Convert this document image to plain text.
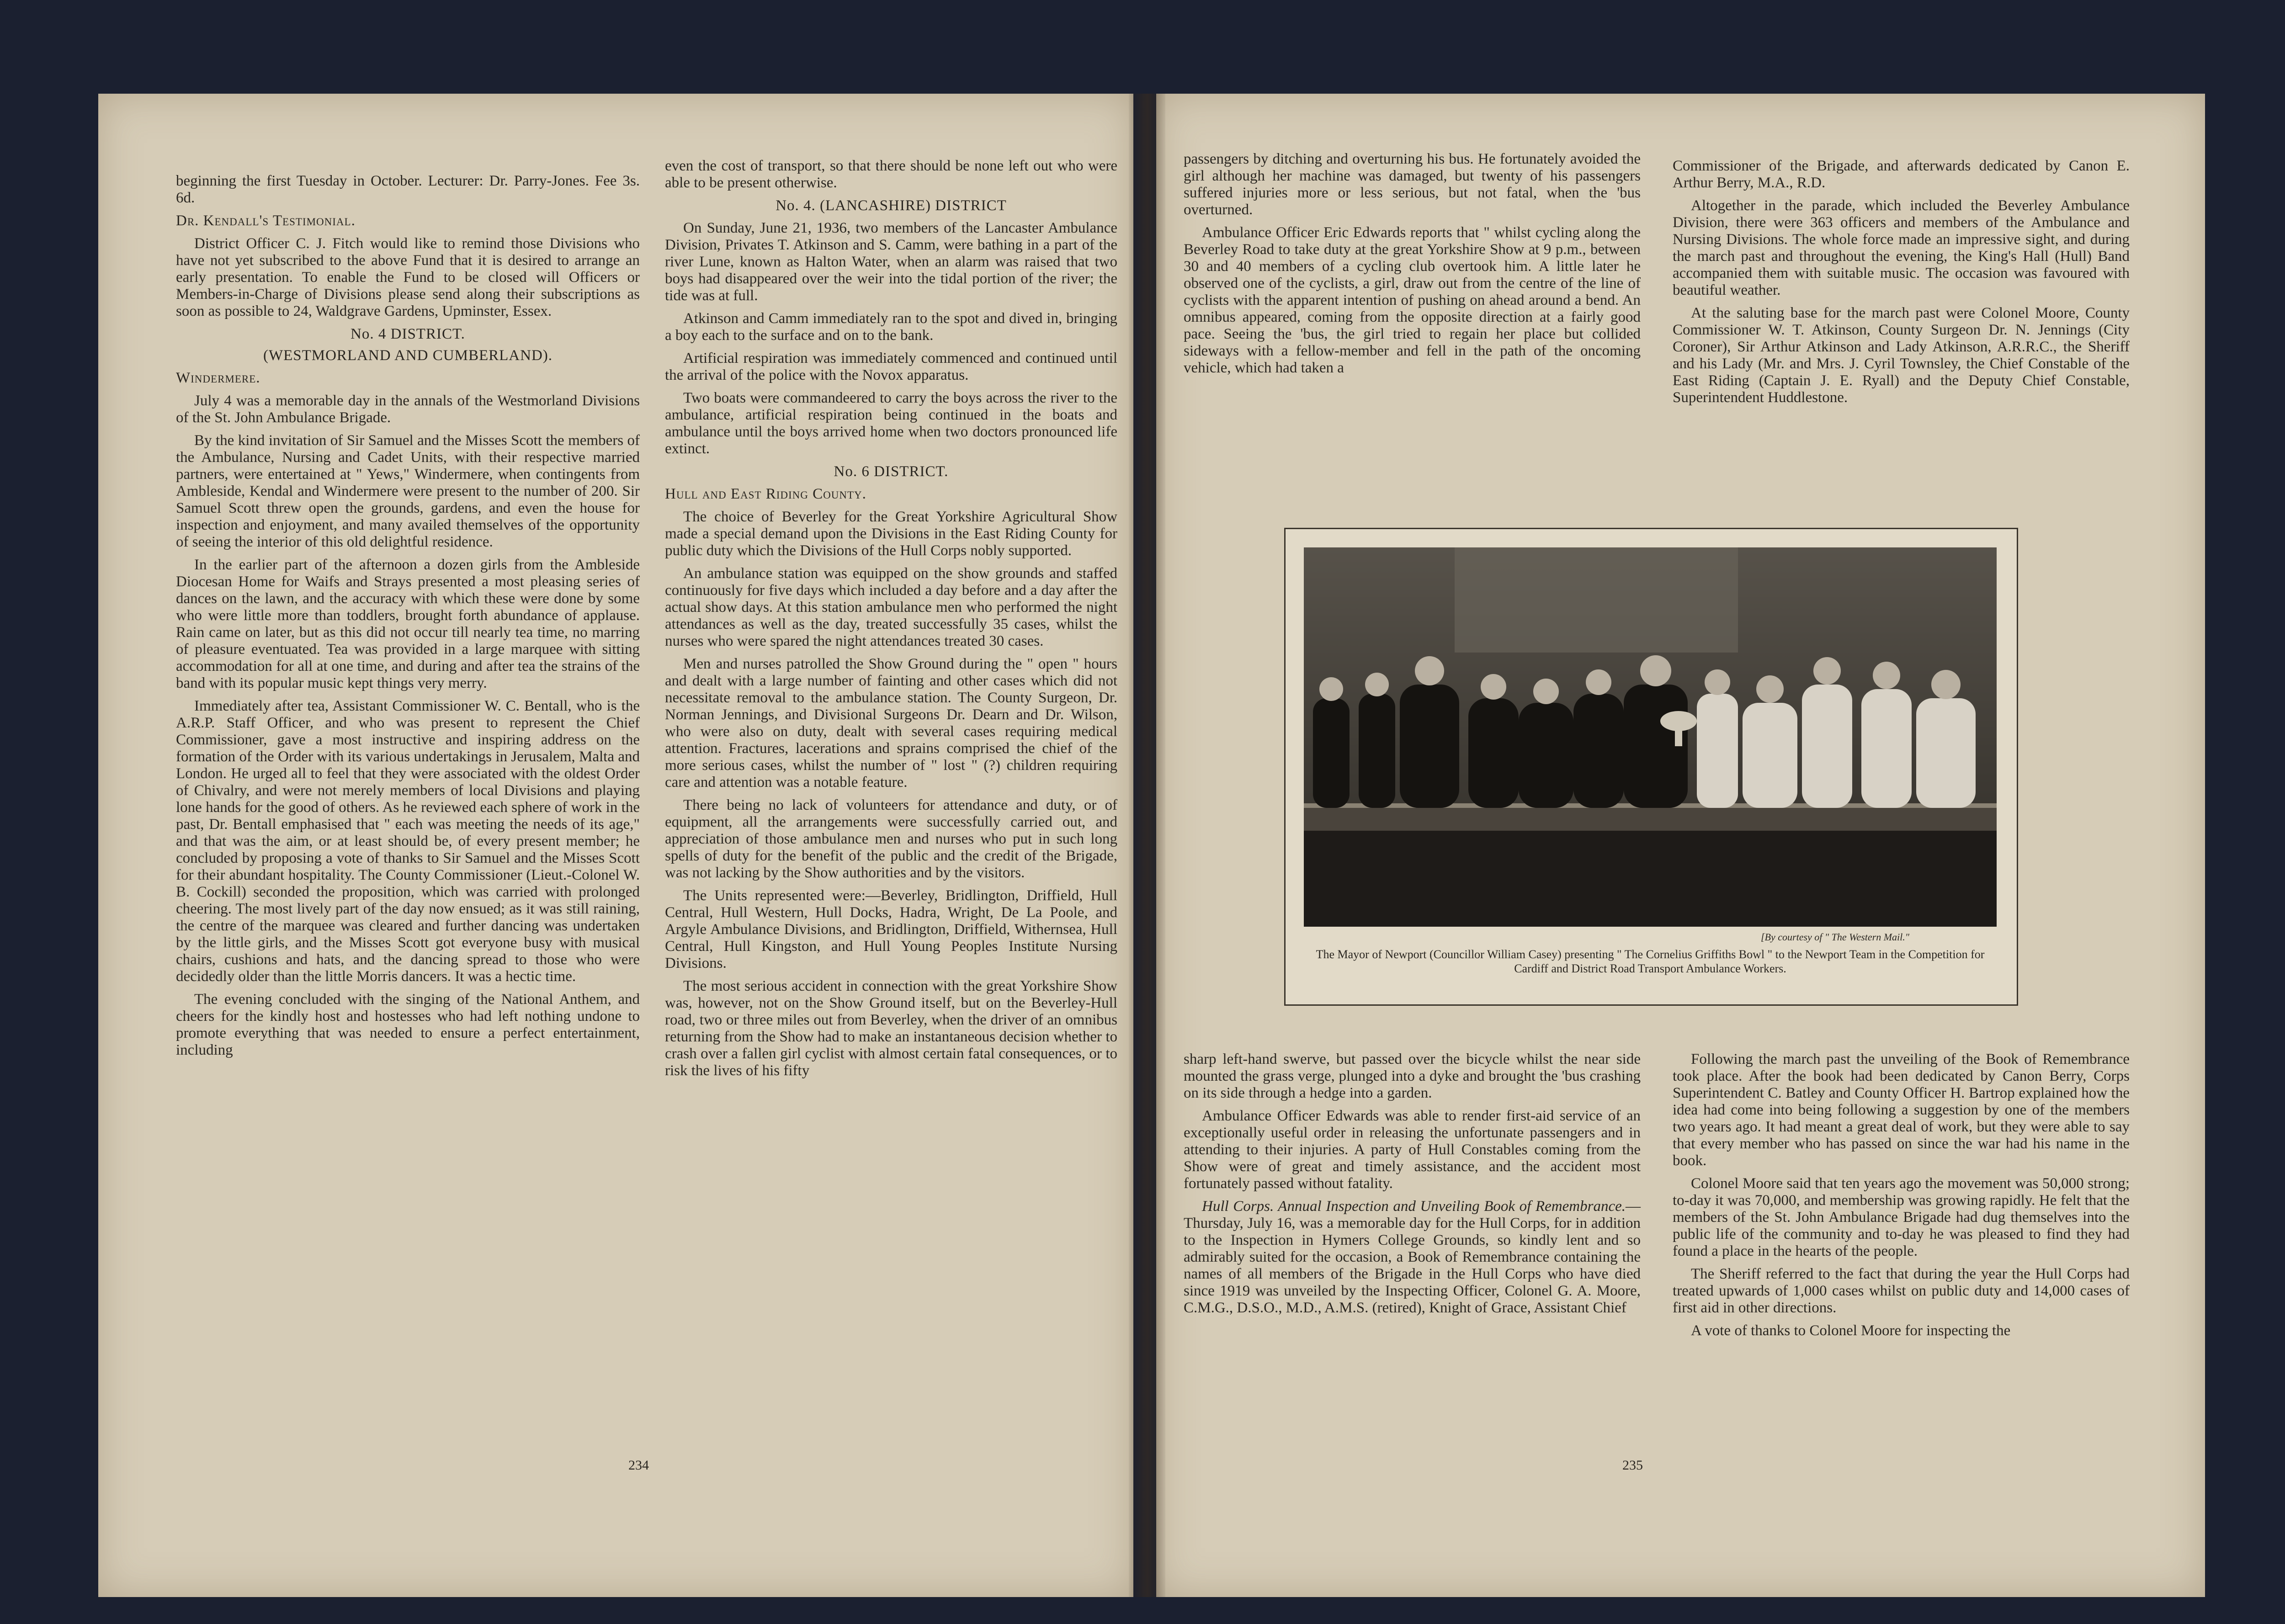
beginning the first Tuesday in October. Lecturer: Dr. Parry-Jones. Fee 3s. 6d.

Dr. Kendall's Testimonial.

District Officer C. J. Fitch would like to remind those Divisions who have not yet subscribed to the above Fund that it is desired to arrange an early presentation. To enable the Fund to be closed will Officers or Members-in-Charge of Divisions please send along their subscriptions as soon as possible to 24, Waldgrave Gardens, Upminster, Essex.

No. 4 DISTRICT.

(WESTMORLAND AND CUMBERLAND).

Windermere.

July 4 was a memorable day in the annals of the Westmorland Divisions of the St. John Ambulance Brigade.

By the kind invitation of Sir Samuel and the Misses Scott the members of the Ambulance, Nursing and Cadet Units, with their respective married partners, were entertained at " Yews," Windermere, when contingents from Ambleside, Kendal and Windermere were present to the number of 200. Sir Samuel Scott threw open the grounds, gardens, and even the house for inspection and enjoyment, and many availed themselves of the opportunity of seeing the interior of this old delightful residence.

In the earlier part of the afternoon a dozen girls from the Ambleside Diocesan Home for Waifs and Strays presented a most pleasing series of dances on the lawn, and the accuracy with which these were done by some who were little more than toddlers, brought forth abundance of applause. Rain came on later, but as this did not occur till nearly tea time, no marring of pleasure eventuated. Tea was provided in a large marquee with sitting accommodation for all at one time, and during and after tea the strains of the band with its popular music kept things very merry.

Immediately after tea, Assistant Commissioner W. C. Bentall, who is the A.R.P. Staff Officer, and who was present to represent the Chief Commissioner, gave a most instructive and inspiring address on the formation of the Order with its various undertakings in Jerusalem, Malta and London. He urged all to feel that they were associated with the oldest Order of Chivalry, and were not merely members of local Divisions and playing lone hands for the good of others. As he reviewed each sphere of work in the past, Dr. Bentall emphasised that " each was meeting the needs of its age," and that was the aim, or at least should be, of every present member; he concluded by proposing a vote of thanks to Sir Samuel and the Misses Scott for their abundant hospitality. The County Commissioner (Lieut.-Colonel W. B. Cockill) seconded the proposition, which was carried with prolonged cheering. The most lively part of the day now ensued; as it was still raining, the centre of the marquee was cleared and further dancing was undertaken by the little girls, and the Misses Scott got everyone busy with musical chairs, cushions and hats, and the dancing spread to those who were decidedly older than the little Morris dancers. It was a hectic time.

The evening concluded with the singing of the National Anthem, and cheers for the kindly host and hostesses who had left nothing undone to promote everything that was needed to ensure a perfect entertainment, including

even the cost of transport, so that there should be none left out who were able to be present otherwise.

No. 4. (LANCASHIRE) DISTRICT

On Sunday, June 21, 1936, two members of the Lancaster Ambulance Division, Privates T. Atkinson and S. Camm, were bathing in a part of the river Lune, known as Halton Water, when an alarm was raised that two boys had disappeared over the weir into the tidal portion of the river; the tide was at full.

Atkinson and Camm immediately ran to the spot and dived in, bringing a boy each to the surface and on to the bank.

Artificial respiration was immediately commenced and continued until the arrival of the police with the Novox apparatus.

Two boats were commandeered to carry the boys across the river to the ambulance, artificial respiration being continued in the boats and ambulance until the boys arrived home when two doctors pronounced life extinct.

No. 6 DISTRICT.

Hull and East Riding County.

The choice of Beverley for the Great Yorkshire Agricultural Show made a special demand upon the Divisions in the East Riding County for public duty which the Divisions of the Hull Corps nobly supported.

An ambulance station was equipped on the show grounds and staffed continuously for five days which included a day before and a day after the actual show days. At this station ambulance men who performed the night attendances as well as the day, treated successfully 35 cases, whilst the nurses who were spared the night attendances treated 30 cases.

Men and nurses patrolled the Show Ground during the " open " hours and dealt with a large number of fainting and other cases which did not necessitate removal to the ambulance station. The County Surgeon, Dr. Norman Jennings, and Divisional Surgeons Dr. Dearn and Dr. Wilson, who were also on duty, dealt with several cases requiring medical attention. Fractures, lacerations and sprains comprised the chief of the more serious cases, whilst the number of " lost " (?) children requiring care and attention was a notable feature.

There being no lack of volunteers for attendance and duty, or of equipment, all the arrangements were successfully carried out, and appreciation of those ambulance men and nurses who put in such long spells of duty for the benefit of the public and the credit of the Brigade, was not lacking by the Show authorities and by the visitors.

The Units represented were:—Beverley, Bridlington, Driffield, Hull Central, Hull Western, Hull Docks, Hadra, Wright, De La Poole, and Argyle Ambulance Divisions, and Bridlington, Driffield, Withernsea, Hull Central, Hull Kingston, and Hull Young Peoples Institute Nursing Divisions.

The most serious accident in connection with the great Yorkshire Show was, however, not on the Show Ground itself, but on the Beverley-Hull road, two or three miles out from Beverley, when the driver of an omnibus returning from the Show had to make an instantaneous decision whether to crash over a fallen girl cyclist with almost certain fatal consequences, or to risk the lives of his fifty

234

passengers by ditching and overturning his bus. He fortunately avoided the girl although her machine was damaged, but twenty of his passengers suffered injuries more or less serious, but not fatal, when the 'bus overturned.

Ambulance Officer Eric Edwards reports that " whilst cycling along the Beverley Road to take duty at the great Yorkshire Show at 9 p.m., between 30 and 40 members of a cycling club overtook him. A little later he observed one of the cyclists, a girl, draw out from the centre of the line of cyclists with the apparent intention of pushing on ahead around a bend. An omnibus appeared, coming from the opposite direction at a fairly good pace. Seeing the 'bus, the girl tried to regain her place but collided sideways with a fellow-member and fell in the path of the oncoming vehicle, which had taken a

Commissioner of the Brigade, and afterwards dedicated by Canon E. Arthur Berry, M.A., R.D.

Altogether in the parade, which included the Beverley Ambulance Division, there were 363 officers and members of the Ambulance and Nursing Divisions. The whole force made an impressive sight, and during the march past and throughout the evening, the King's Hall (Hull) Band accompanied them with suitable music. The occasion was favoured with beautiful weather.

At the saluting base for the march past were Colonel Moore, County Commissioner W. T. Atkinson, County Surgeon Dr. N. Jennings (City Coroner), Sir Arthur Atkinson and Lady Atkinson, A.R.R.C., the Sheriff and his Lady (Mr. and Mrs. J. Cyril Townsley, the Chief Constable of the East Riding (Captain J. E. Ryall) and the Deputy Chief Constable, Superintendent Huddlestone.

[By courtesy of " The Western Mail."
The Mayor of Newport (Councillor William Casey) presenting " The Cornelius Griffiths Bowl " to the Newport Team in the Competition for Cardiff and District Road Transport Ambulance Workers.

sharp left-hand swerve, but passed over the bicycle whilst the near side mounted the grass verge, plunged into a dyke and brought the 'bus crashing on its side through a hedge into a garden.

Ambulance Officer Edwards was able to render first-aid service of an exceptionally useful order in releasing the unfortunate passengers and in attending to their injuries. A party of Hull Constables coming from the Show were of great and timely assistance, and the accident most fortunately passed without fatality.

Hull Corps. Annual Inspection and Unveiling Book of Remembrance.—Thursday, July 16, was a memorable day for the Hull Corps, for in addition to the Inspection in Hymers College Grounds, so kindly lent and so admirably suited for the occasion, a Book of Remembrance containing the names of all members of the Brigade in the Hull Corps who have died since 1919 was unveiled by the Inspecting Officer, Colonel G. A. Moore, C.M.G., D.S.O., M.D., A.M.S. (retired), Knight of Grace, Assistant Chief

Following the march past the unveiling of the Book of Remembrance took place. After the book had been dedicated by Canon Berry, Corps Superintendent C. Batley and County Officer H. Bartrop explained how the idea had come into being following a suggestion by one of the members two years ago. It had meant a great deal of work, but they were able to say that every member who has passed on since the war had his name in the book.

Colonel Moore said that ten years ago the movement was 50,000 strong; to-day it was 70,000, and membership was growing rapidly. He felt that the members of the St. John Ambulance Brigade had dug themselves into the public life of the community and to-day he was pleased to find they had found a place in the hearts of the people.

The Sheriff referred to the fact that during the year the Hull Corps had treated upwards of 1,000 cases whilst on public duty and 14,000 cases of first aid in other directions.

A vote of thanks to Colonel Moore for inspecting the

235
